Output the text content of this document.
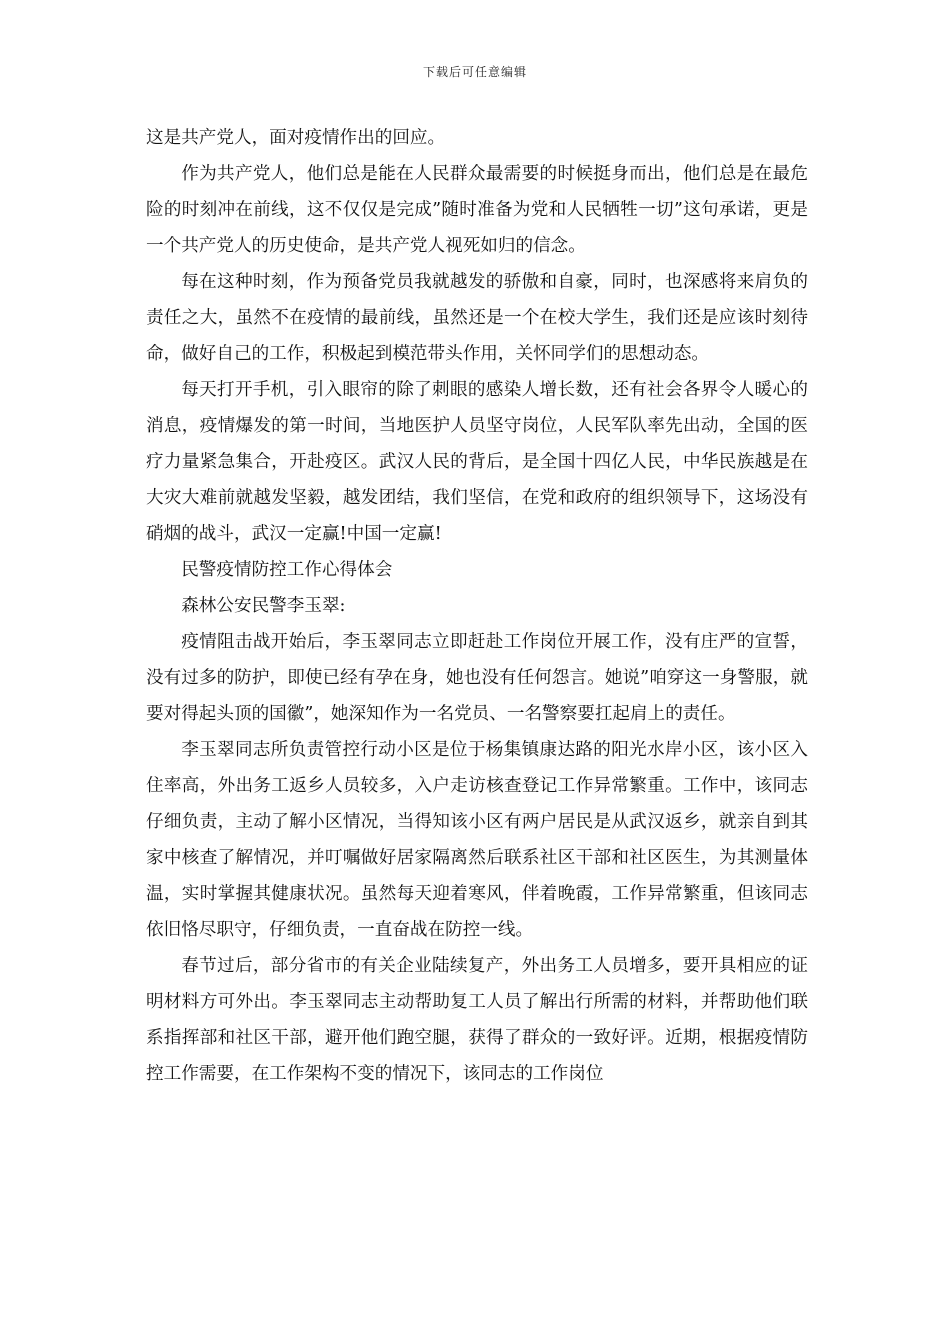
下载后可任意编辑

这是共产党人，面对疫情作出的回应。

作为共产党人，他们总是能在人民群众最需要的时候挺身而出，他们总是在最危险的时刻冲在前线，这不仅仅是完成”随时准备为党和人民牺牲一切”这句承诺，更是一个共产党人的历史使命，是共产党人视死如归的信念。

每在这种时刻，作为预备党员我就越发的骄傲和自豪，同时，也深感将来肩负的责任之大，虽然不在疫情的最前线，虽然还是一个在校大学生，我们还是应该时刻待命，做好自己的工作，积极起到模范带头作用，关怀同学们的思想动态。

每天打开手机，引入眼帘的除了刺眼的感染人增长数，还有社会各界令人暖心的消息，疫情爆发的第一时间，当地医护人员坚守岗位，人民军队率先出动，全国的医疗力量紧急集合，开赴疫区。武汉人民的背后，是全国十四亿人民，中华民族越是在大灾大难前就越发坚毅，越发团结，我们坚信，在党和政府的组织领导下，这场没有硝烟的战斗，武汉一定赢!中国一定赢!

民警疫情防控工作心得体会

森林公安民警李玉翠:

疫情阻击战开始后，李玉翠同志立即赶赴工作岗位开展工作，没有庄严的宣誓，没有过多的防护，即使已经有孕在身，她也没有任何怨言。她说”咱穿这一身警服，就要对得起头顶的国徽”，她深知作为一名党员、一名警察要扛起肩上的责任。

李玉翠同志所负责管控行动小区是位于杨集镇康达路的阳光水岸小区，该小区入住率高，外出务工返乡人员较多，入户走访核查登记工作异常繁重。工作中，该同志仔细负责，主动了解小区情况，当得知该小区有两户居民是从武汉返乡，就亲自到其家中核查了解情况，并叮嘱做好居家隔离然后联系社区干部和社区医生，为其测量体温，实时掌握其健康状况。虽然每天迎着寒风，伴着晚霞，工作异常繁重，但该同志依旧恪尽职守，仔细负责，一直奋战在防控一线。

春节过后，部分省市的有关企业陆续复产，外出务工人员增多，要开具相应的证明材料方可外出。李玉翠同志主动帮助复工人员了解出行所需的材料，并帮助他们联系指挥部和社区干部，避开他们跑空腿，获得了群众的一致好评。近期，根据疫情防控工作需要，在工作架构不变的情况下，该同志的工作岗位
